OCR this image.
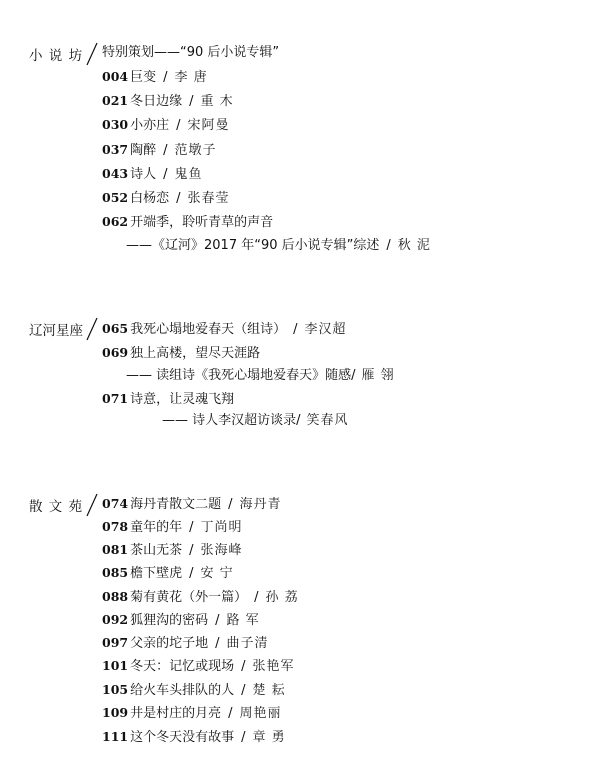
小 说 坊 特别策划——“90 后小说专辑”
004 巨变 / 李 唐
021 冬日边缘 / 重 木
030 小亦庄 / 宋阿曼
037 陶醉 / 范墩子
043 诗人 / 鬼鱼
052 白杨恋 / 张春莹
062 开端季，聆听青草的声音
——《辽河》2017 年“90 后小说专辑”综述 / 秋 泥
辽河星座 065 我死心塌地爱春天（组诗） / 李汉超
069 独上高楼，望尽天涯路
—— 读组诗《我死心塌地爱春天》随感/ 雁 翎
071 诗意，让灵魂飞翔
—— 诗人李汉超访谈录/ 笑春风
散 文 苑 074 海丹青散文二题 / 海丹青
078 童年的年 / 丁尚明
081 茶山无茶 / 张海峰
085 檐下壁虎 / 安 宁
088 菊有黄花（外一篇） / 孙 荔
092 狐狸沟的密码 / 路 军
097 父亲的坨子地 / 曲子清
101 冬天：记忆或现场 / 张艳军
105 给火车头排队的人 / 楚 耘
109 井是村庄的月亮 / 周艳丽
111 这个冬天没有故事 / 章 勇
